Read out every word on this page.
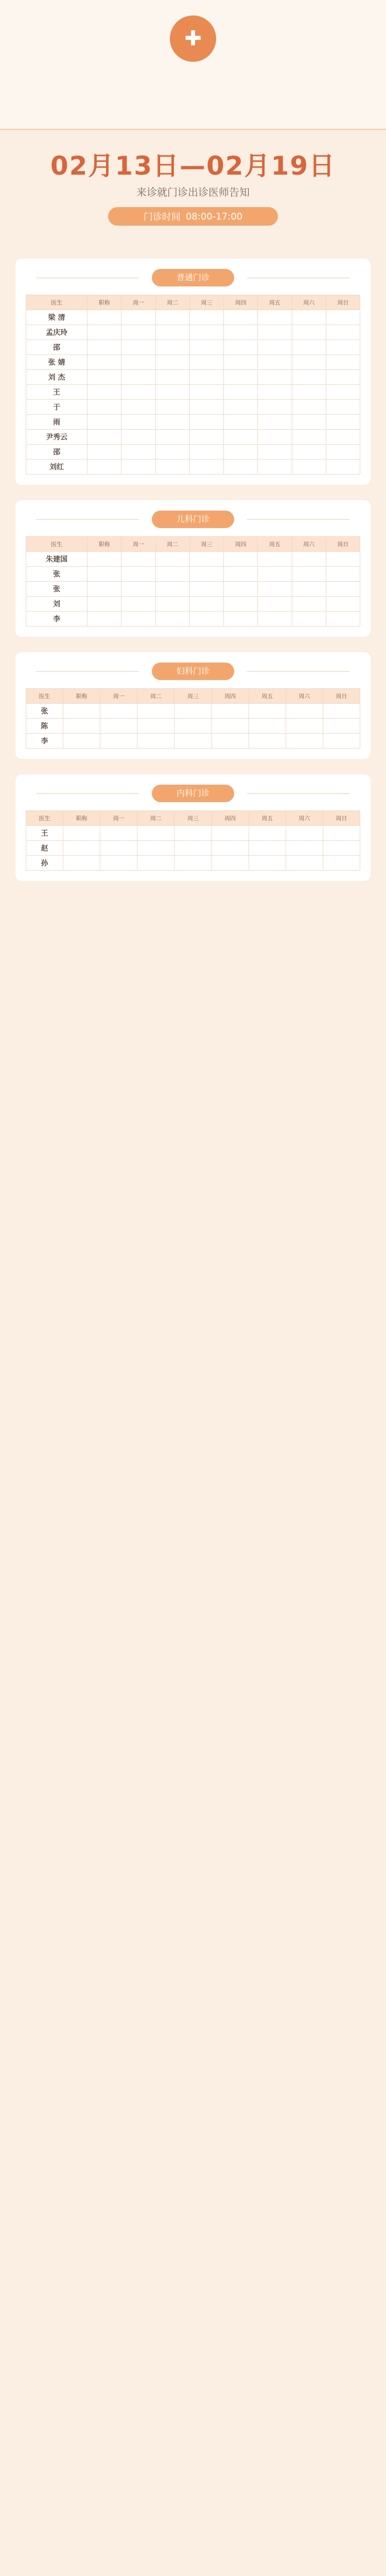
✚
02月13日—02月19日
来诊就门诊出诊医师告知
门诊时间 08:00-17:00
普通门诊
医生	职称	周一	周二	周三	周四	周五	周六	周日
梁 清								
孟庆玲								
邵								
张 婧								
刘 杰								
王								
于								
雨								
尹秀云								
邵								
刘红								
儿科门诊
医生	职称	周一	周二	周三	周四	周五	周六	周日
朱建国								
张								
张								
刘								
李								
妇科门诊
医生	职称	周一	周二	周三	周四	周五	周六	周日
张								
陈								
李								
内科门诊
医生	职称	周一	周二	周三	周四	周五	周六	周日
王								
赵								
孙								
